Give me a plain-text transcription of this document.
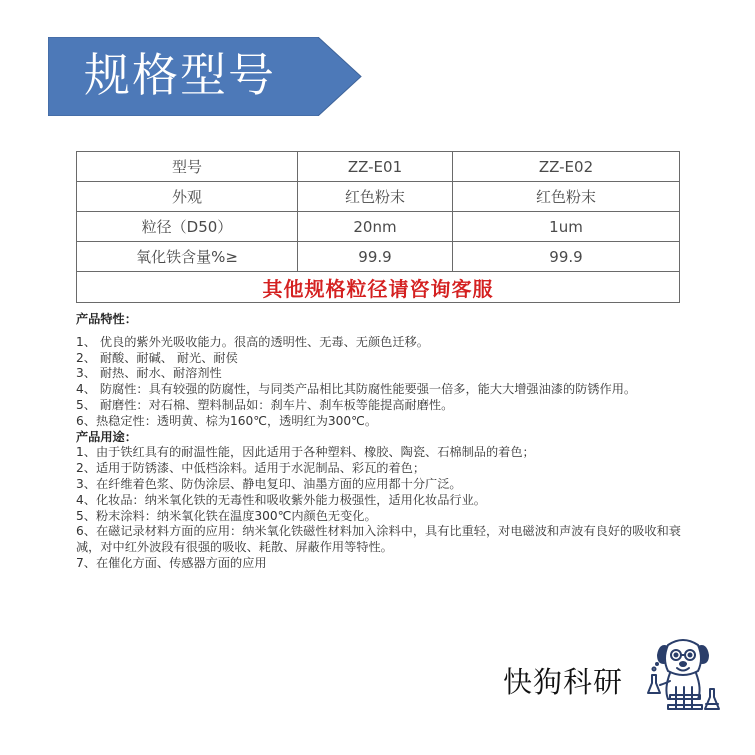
规格型号
型号	ZZ-E01	ZZ-E02
外观	红色粉末	红色粉末
粒径（D50）	20nm	1um
氧化铁含量%≥	99.9	99.9
其他规格粒径请咨询客服		
产品特性：
1、 优良的紫外光吸收能力。很高的透明性、无毒、无颜色迁移。
2、 耐酸、耐碱、 耐光、耐侯
3、 耐热、耐水、耐溶剂性
4、 防腐性：具有较强的防腐性，与同类产品相比其防腐性能要强一倍多，能大大增强油漆的防锈作用。
5、 耐磨性：对石棉、塑料制品如：刹车片、刹车板等能提高耐磨性。
6、热稳定性：透明黄、棕为160℃，透明红为300℃。
产品用途：
1、由于铁红具有的耐温性能，因此适用于各种塑料、橡胶、陶瓷、石棉制品的着色；
2、适用于防锈漆、中低档涂料。适用于水泥制品、彩瓦的着色；
3、在纤维着色浆、防伪涂层、静电复印、油墨方面的应用都十分广泛。
4、化妆品：纳米氧化铁的无毒性和吸收紫外能力极强性，适用化妆品行业。
5、粉末涂料：纳米氧化铁在温度300℃内颜色无变化。
6、在磁记录材料方面的应用：纳米氧化铁磁性材料加入涂料中，具有比重轻，对电磁波和声波有良好的吸收和衰减，对中红外波段有很强的吸收、耗散、屏蔽作用等特性。
7、在催化方面、传感器方面的应用
快狗科研
